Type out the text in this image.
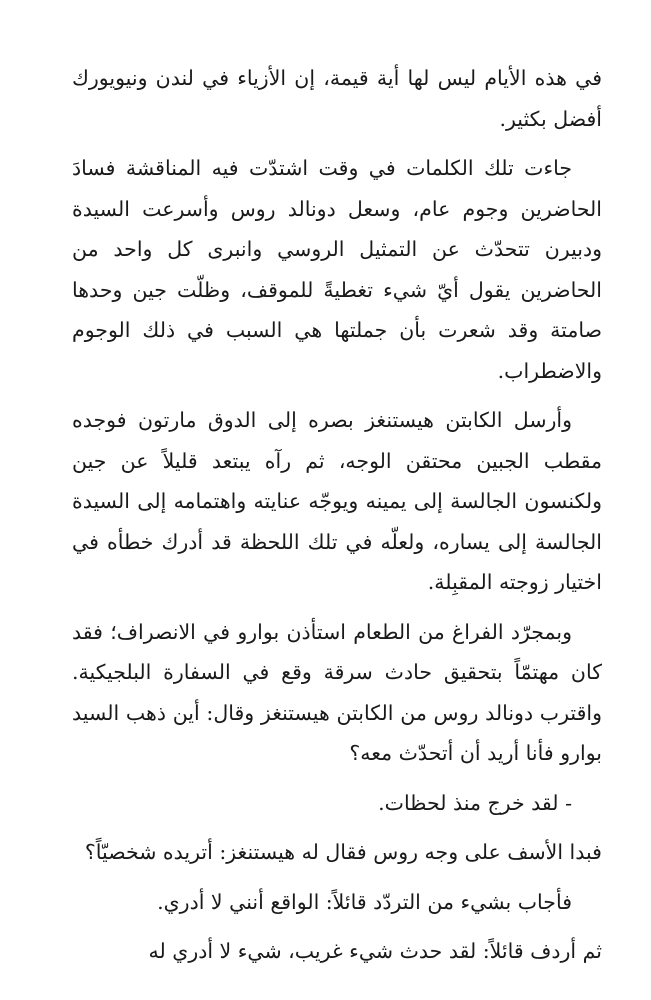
في هذه الأيام ليس لها أية قيمة، إن الأزياء في لندن ونيويورك أفضل بكثير.

جاءت تلك الكلمات في وقت اشتدّت فيه المناقشة فسادَ الحاضرين وجوم عام، وسعل دونالد روس وأسرعت السيدة ودبيرن تتحدّث عن التمثيل الروسي وانبرى كل واحد من الحاضرين يقول أيّ شيء تغطيةً للموقف، وظلّت جين وحدها صامتة وقد شعرت بأن جملتها هي السبب في ذلك الوجوم والاضطراب.

وأرسل الكابتن هيستنغز بصره إلى الدوق مارتون فوجده مقطب الجبين محتقن الوجه، ثم رآه يبتعد قليلاً عن جين ولكنسون الجالسة إلى يمينه ويوجّه عنايته واهتمامه إلى السيدة الجالسة إلى يساره، ولعلّه في تلك اللحظة قد أدرك خطأه في اختيار زوجته المقبِلة.

وبمجرّد الفراغ من الطعام استأذن بوارو في الانصراف؛ فقد كان مهتمّاً بتحقيق حادث سرقة وقع في السفارة البلجيكية. واقترب دونالد روس من الكابتن هيستنغز وقال: أين ذهب السيد بوارو فأنا أريد أن أتحدّث معه؟

- لقد خرج منذ لحظات.

فبدا الأسف على وجه روس فقال له هيستنغز: أتريده شخصيّاً؟

فأجاب بشيء من التردّد قائلاً: الواقع أنني لا أدري.

ثم أردف قائلاً: لقد حدث شيء غريب، شيء لا أدري له
